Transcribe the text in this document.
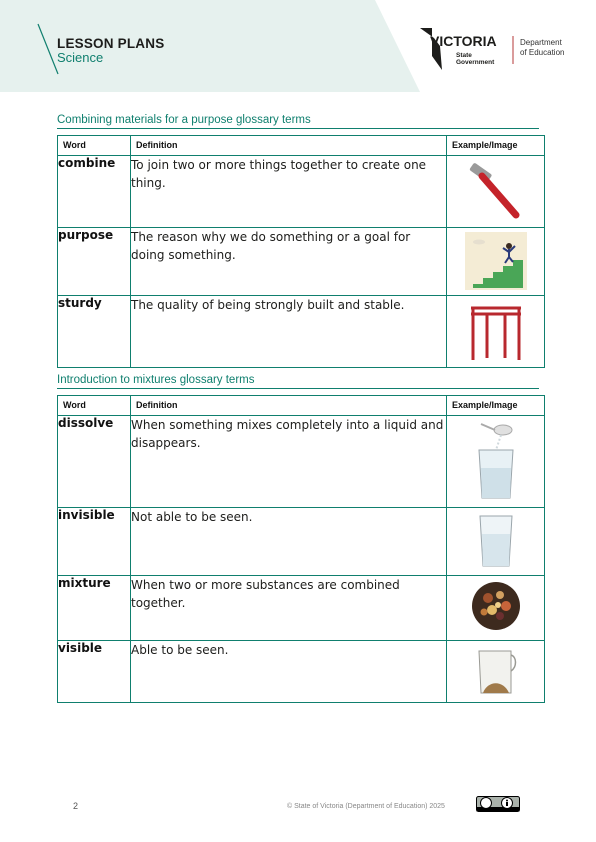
LESSON PLANS
Science
VICTORIA
State
Government
Department
of Education
Combining materials for a purpose glossary terms
Word	Definition	Example/Image
combine	To join two or more things together to create one thing.	
purpose	The reason why we do something or a goal for doing something.	
sturdy	The quality of being strongly built and stable.	
Introduction to mixtures glossary terms
Word	Definition	Example/Image
dissolve	When something mixes completely into a liquid and disappears.	
invisible	Not able to be seen.	
mixture	When two or more substances are combined together.	
visible	Able to be seen.	
2	© State of Victoria (Department of Education) 2025
